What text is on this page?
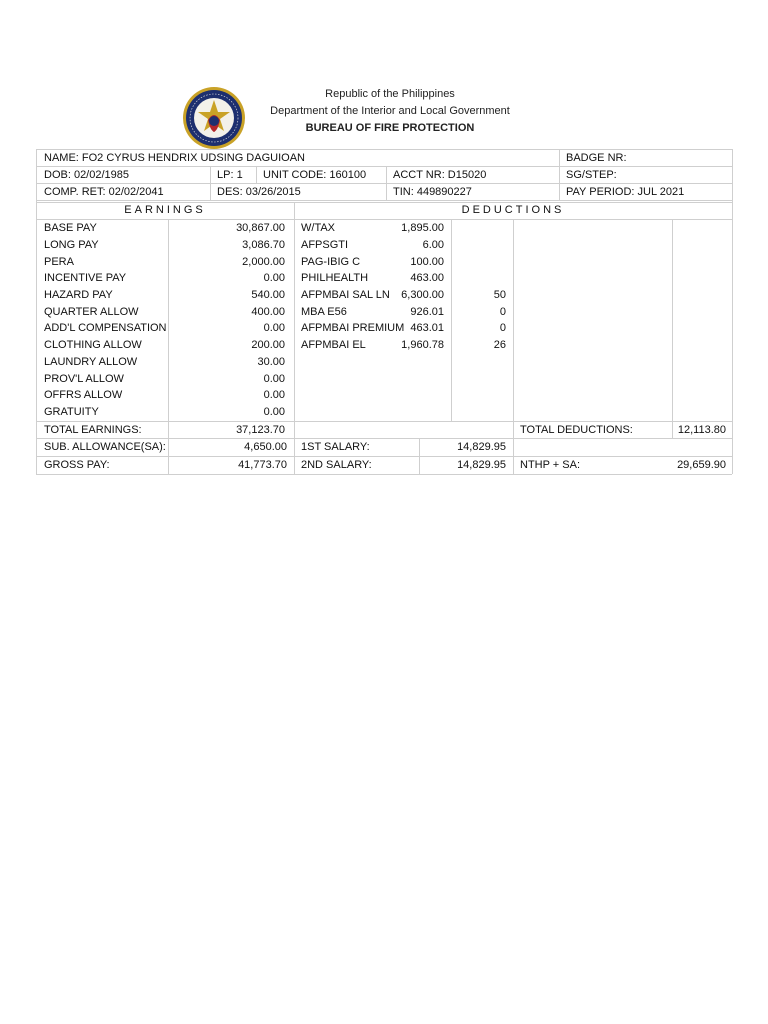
Republic of the Philippines
Department of the Interior and Local Government
BUREAU OF FIRE PROTECTION
NAME: FO2 CYRUS HENDRIX UDSING DAGUIOAN	BADGE NR:
DOB: 02/02/1985	LP: 1 UNIT CODE: 160100 ACCT NR: D15020	SG/STEP:
COMP. RET: 02/02/2041	DES: 03/26/2015	TIN: 449890227	PAY PERIOD: JUL 2021
EARNINGS	DEDUCTIONS
BASE PAY	30,867.00
LONG PAY	3,086.70
PERA	2,000.00
INCENTIVE PAY	0.00
HAZARD PAY	540.00
QUARTER ALLOW	400.00
ADD'L COMPENSATION	0.00
CLOTHING ALLOW	200.00
LAUNDRY ALLOW	30.00
PROV'L ALLOW	0.00
OFFRS ALLOW	0.00
GRATUITY	0.00
W/TAX	1,895.00
AFPSGTI	6.00
PAG-IBIG C	100.00
PHILHEALTH	463.00
AFPMBAI SAL LN	6,300.00	50
MBA E56	926.01	0
AFPMBAI PREMIUM 463.01	0
AFPMBAI EL	1,960.78	26
TOTAL EARNINGS:	37,123.70	TOTAL DEDUCTIONS:	12,113.80
SUB. ALLOWANCE(SA):	4,650.00 1ST SALARY:	14,829.95
GROSS PAY:	41,773.70 2ND SALARY:	14,829.95 NTHP + SA:	29,659.90
